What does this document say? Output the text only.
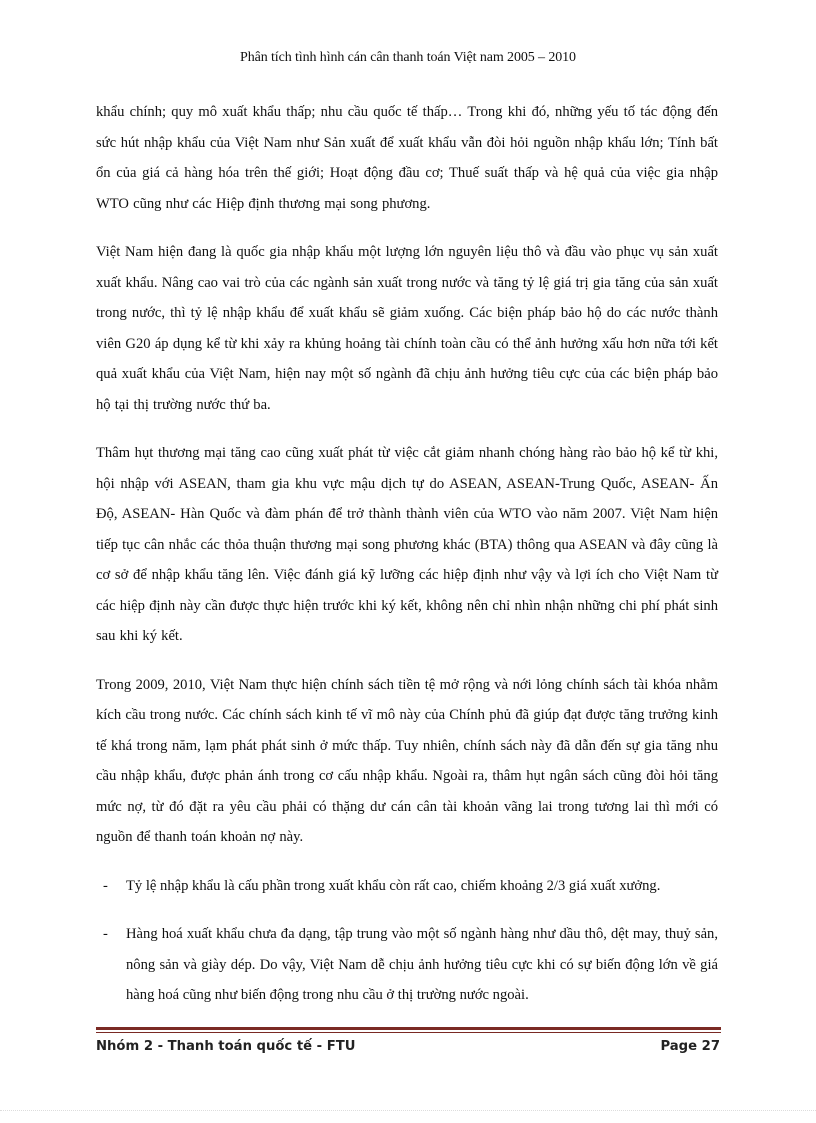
Phân tích tình hình cán cân thanh toán Việt nam 2005 – 2010

khẩu chính; quy mô xuất khẩu thấp; nhu cầu quốc tế thấp… Trong khi đó, những yếu tố tác động đến sức hút nhập khẩu của Việt Nam như Sản xuất để xuất khẩu vẫn đòi hỏi nguồn nhập khẩu lớn; Tính bất ổn của giá cả hàng hóa trên thế giới; Hoạt động đầu cơ; Thuế suất thấp và hệ quả của việc gia nhập WTO cũng như các Hiệp định thương mại song phương.

Việt Nam hiện đang là quốc gia nhập khẩu một lượng lớn nguyên liệu thô và đầu vào phục vụ sản xuất xuất khẩu. Nâng cao vai trò của các ngành sản xuất trong nước và tăng tỷ lệ giá trị gia tăng của sản xuất trong nước, thì tỷ lệ nhập khẩu để xuất khẩu sẽ giảm xuống. Các biện pháp bảo hộ do các nước thành viên G20 áp dụng kể từ khi xảy ra khủng hoảng tài chính toàn cầu có thể ảnh hưởng xấu hơn nữa tới kết quả xuất khẩu của Việt Nam, hiện nay một số ngành đã chịu ảnh hưởng tiêu cực của các biện pháp bảo hộ tại thị trường nước thứ ba.

Thâm hụt thương mại tăng cao cũng xuất phát từ việc cắt giảm nhanh chóng hàng rào bảo hộ kể từ khi, hội nhập với ASEAN, tham gia khu vực mậu dịch tự do ASEAN, ASEAN-Trung Quốc, ASEAN- Ấn Độ, ASEAN- Hàn Quốc và đàm phán để trở thành thành viên của WTO vào năm 2007. Việt Nam hiện tiếp tục cân nhắc các thỏa thuận thương mại song phương khác (BTA) thông qua ASEAN và đây cũng là cơ sở để nhập khẩu tăng lên. Việc đánh giá kỹ lưỡng các hiệp định như vậy và lợi ích cho Việt Nam từ các hiệp định này cần được thực hiện trước khi ký kết, không nên chỉ nhìn nhận những chi phí phát sinh sau khi ký kết.

Trong 2009, 2010, Việt Nam thực hiện chính sách tiền tệ mở rộng và nới lỏng chính sách tài khóa nhằm kích cầu trong nước. Các chính sách kinh tế vĩ mô này của Chính phủ đã giúp đạt được tăng trưởng kinh tế khá trong năm, lạm phát phát sinh ở mức thấp. Tuy nhiên, chính sách này đã dẫn đến sự gia tăng nhu cầu nhập khẩu, được phản ánh trong cơ cấu nhập khẩu. Ngoài ra, thâm hụt ngân sách cũng đòi hỏi tăng mức nợ, từ đó đặt ra yêu cầu phải có thặng dư cán cân tài khoản vãng lai trong tương lai thì mới có nguồn để thanh toán khoản nợ này.

- Tỷ lệ nhập khẩu là cấu phần trong xuất khẩu còn rất cao, chiếm khoảng 2/3 giá xuất xưởng.
- Hàng hoá xuất khẩu chưa đa dạng, tập trung vào một số ngành hàng như dầu thô, dệt may, thuỷ sản, nông sản và giày dép. Do vậy, Việt Nam dễ chịu ảnh hưởng tiêu cực khi có sự biến động lớn về giá hàng hoá cũng như biến động trong nhu cầu ở thị trường nước ngoài.
Nhóm 2 - Thanh toán quốc tế - FTU	Page 27
